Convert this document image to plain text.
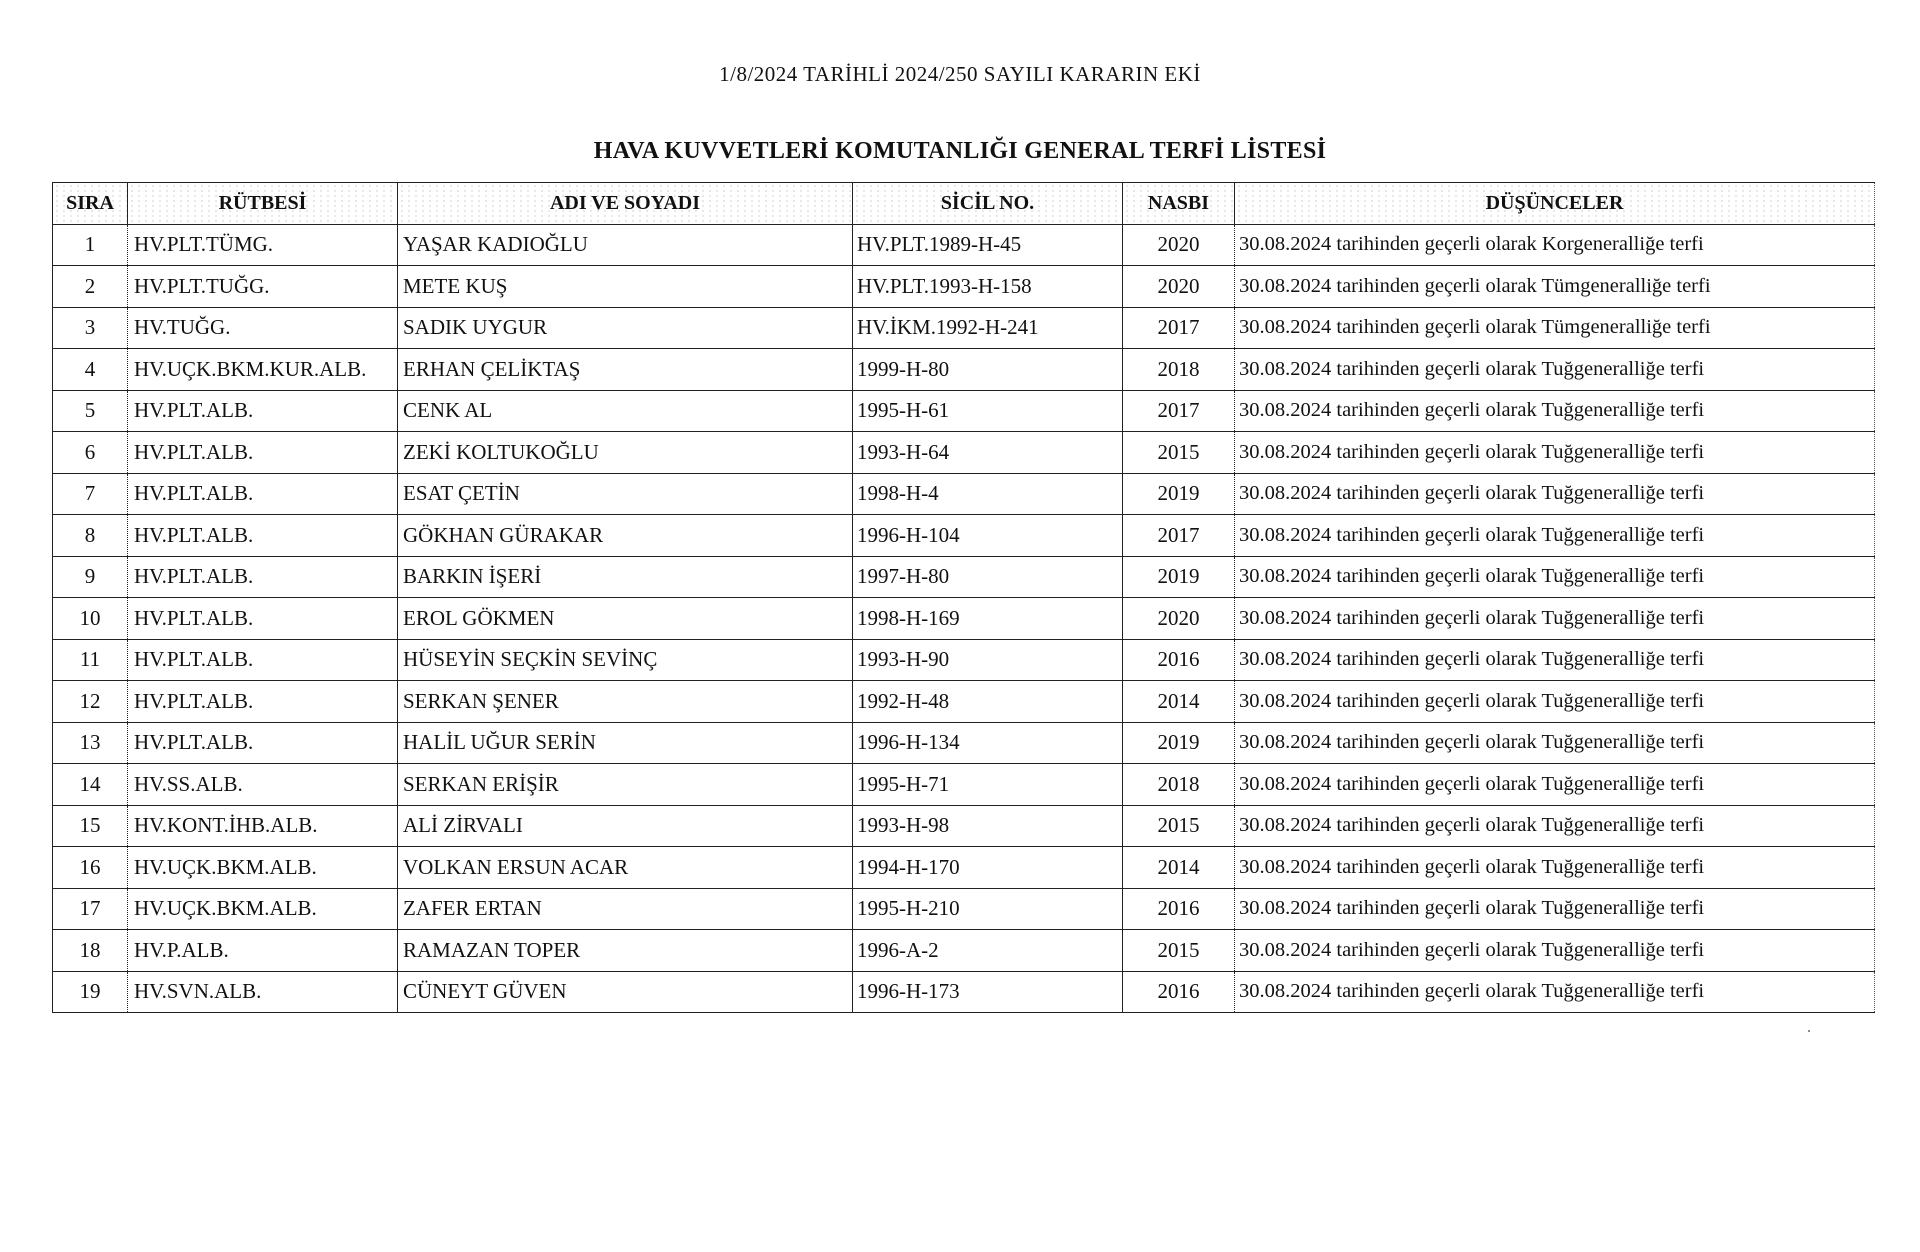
1/8/2024 TARİHLİ 2024/250 SAYILI KARARIN EKİ
HAVA KUVVETLERİ KOMUTANLIĞI GENERAL TERFİ LİSTESİ
SIRA	RÜTBESİ	ADI VE SOYADI	SİCİL NO.	NASBI	DÜŞÜNCELER
1	HV.PLT.TÜMG.	YAŞAR KADIOĞLU	HV.PLT.1989-H-45	2020	30.08.2024 tarihinden geçerli olarak Korgeneralliğe terfi
2	HV.PLT.TUĞG.	METE KUŞ	HV.PLT.1993-H-158	2020	30.08.2024 tarihinden geçerli olarak Tümgeneralliğe terfi
3	HV.TUĞG.	SADIK UYGUR	HV.İKM.1992-H-241	2017	30.08.2024 tarihinden geçerli olarak Tümgeneralliğe terfi
4	HV.UÇK.BKM.KUR.ALB.	ERHAN ÇELİKTAŞ	1999-H-80	2018	30.08.2024 tarihinden geçerli olarak Tuğgeneralliğe terfi
5	HV.PLT.ALB.	CENK AL	1995-H-61	2017	30.08.2024 tarihinden geçerli olarak Tuğgeneralliğe terfi
6	HV.PLT.ALB.	ZEKİ KOLTUKOĞLU	1993-H-64	2015	30.08.2024 tarihinden geçerli olarak Tuğgeneralliğe terfi
7	HV.PLT.ALB.	ESAT ÇETİN	1998-H-4	2019	30.08.2024 tarihinden geçerli olarak Tuğgeneralliğe terfi
8	HV.PLT.ALB.	GÖKHAN GÜRAKAR	1996-H-104	2017	30.08.2024 tarihinden geçerli olarak Tuğgeneralliğe terfi
9	HV.PLT.ALB.	BARKIN İŞERİ	1997-H-80	2019	30.08.2024 tarihinden geçerli olarak Tuğgeneralliğe terfi
10	HV.PLT.ALB.	EROL GÖKMEN	1998-H-169	2020	30.08.2024 tarihinden geçerli olarak Tuğgeneralliğe terfi
11	HV.PLT.ALB.	HÜSEYİN SEÇKİN SEVİNÇ	1993-H-90	2016	30.08.2024 tarihinden geçerli olarak Tuğgeneralliğe terfi
12	HV.PLT.ALB.	SERKAN ŞENER	1992-H-48	2014	30.08.2024 tarihinden geçerli olarak Tuğgeneralliğe terfi
13	HV.PLT.ALB.	HALİL UĞUR SERİN	1996-H-134	2019	30.08.2024 tarihinden geçerli olarak Tuğgeneralliğe terfi
14	HV.SS.ALB.	SERKAN ERİŞİR	1995-H-71	2018	30.08.2024 tarihinden geçerli olarak Tuğgeneralliğe terfi
15	HV.KONT.İHB.ALB.	ALİ ZİRVALI	1993-H-98	2015	30.08.2024 tarihinden geçerli olarak Tuğgeneralliğe terfi
16	HV.UÇK.BKM.ALB.	VOLKAN ERSUN ACAR	1994-H-170	2014	30.08.2024 tarihinden geçerli olarak Tuğgeneralliğe terfi
17	HV.UÇK.BKM.ALB.	ZAFER ERTAN	1995-H-210	2016	30.08.2024 tarihinden geçerli olarak Tuğgeneralliğe terfi
18	HV.P.ALB.	RAMAZAN TOPER	1996-A-2	2015	30.08.2024 tarihinden geçerli olarak Tuğgeneralliğe terfi
19	HV.SVN.ALB.	CÜNEYT GÜVEN	1996-H-173	2016	30.08.2024 tarihinden geçerli olarak Tuğgeneralliğe terfi
